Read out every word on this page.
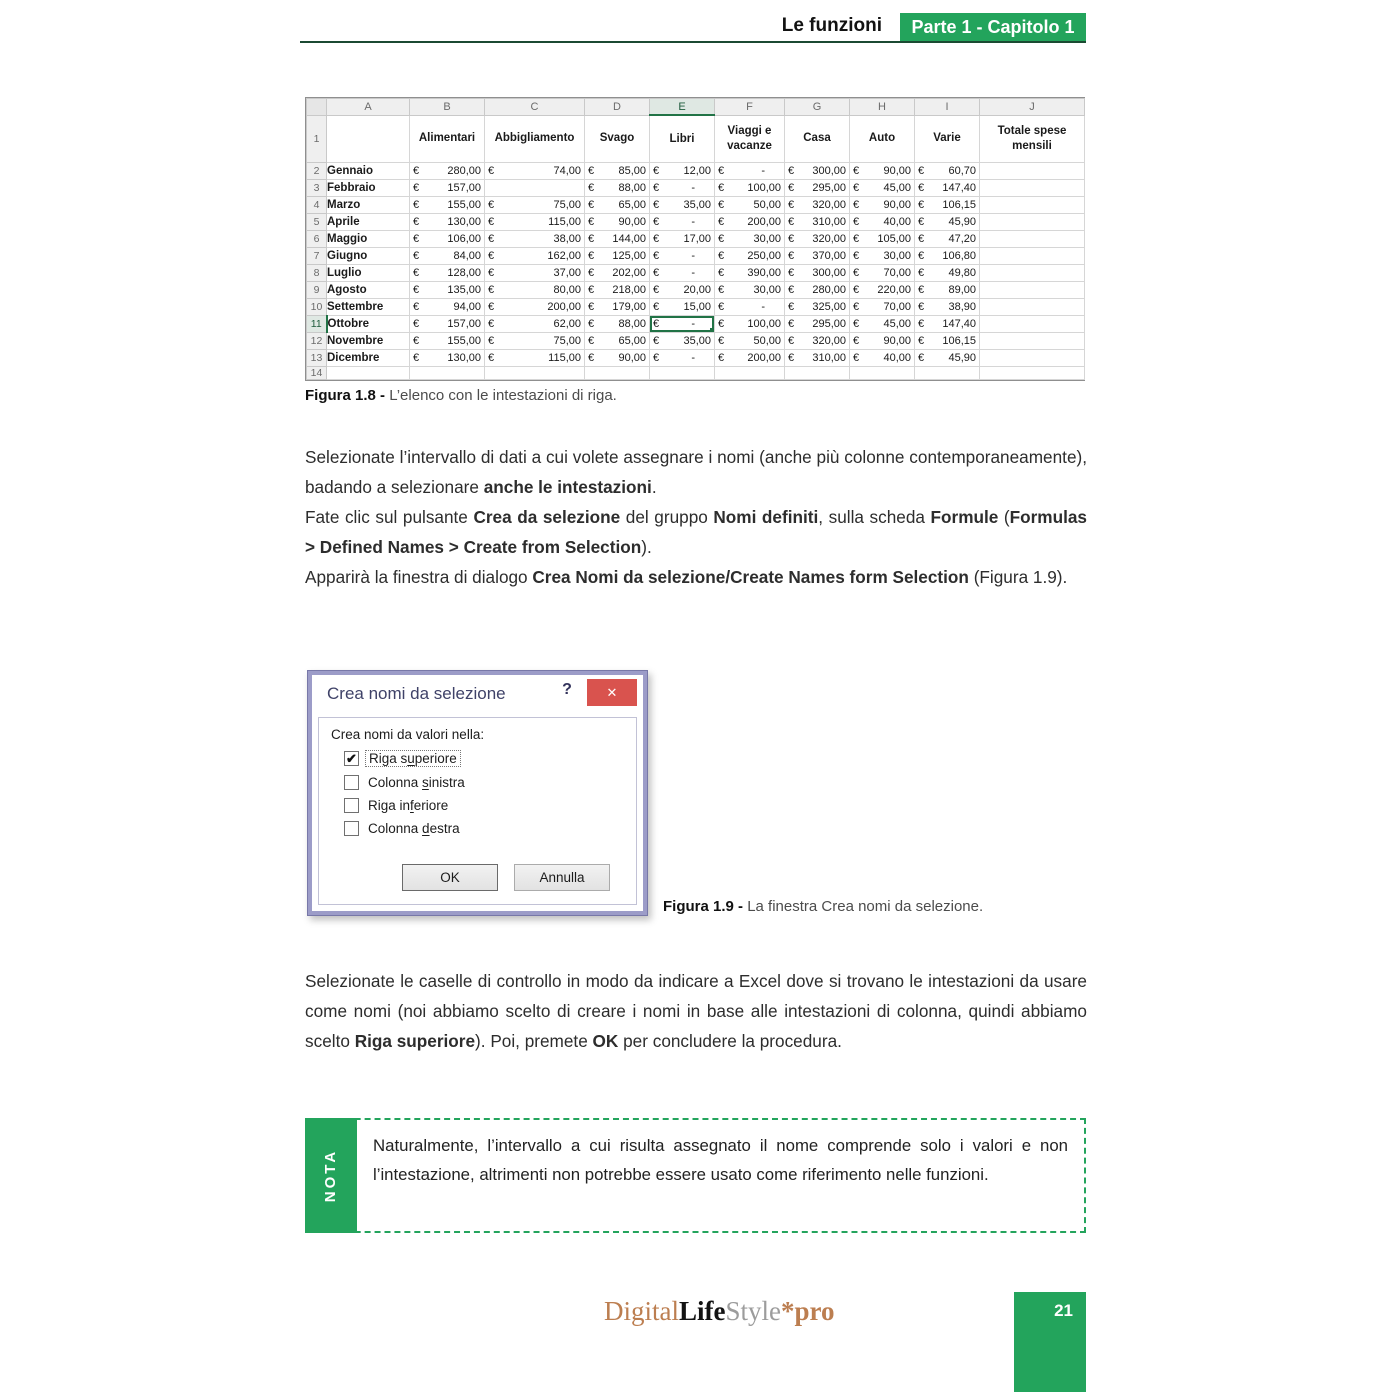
Le funzioni	Parte 1 - Capitolo 1
	A	B	C	D	E	F	G	H	I	J
1		Alimentari	Abbigliamento	Svago	Libri	Viaggi e vacanze	Casa	Auto	Varie	Totale spese mensili
2	Gennaio	€ 280,00	€ 74,00	€ 85,00	€ 12,00	€ -	€ 300,00	€ 90,00	€ 60,70	

3	Febbraio	€ 157,00		€ 88,00	€ -	€ 100,00	€ 295,00	€ 45,00	€ 147,40	

4	Marzo	€ 155,00	€ 75,00	€ 65,00	€ 35,00	€ 50,00	€ 320,00	€ 90,00	€ 106,15	

5	Aprile	€ 130,00	€ 115,00	€ 90,00	€ -	€ 200,00	€ 310,00	€ 40,00	€ 45,90	

6	Maggio	€ 106,00	€ 38,00	€ 144,00	€ 17,00	€ 30,00	€ 320,00	€ 105,00	€ 47,20	

7	Giugno	€ 84,00	€ 162,00	€ 125,00	€ -	€ 250,00	€ 370,00	€ 30,00	€ 106,80	

8	Luglio	€ 128,00	€ 37,00	€ 202,00	€ -	€ 390,00	€ 300,00	€ 70,00	€ 49,80	

9	Agosto	€ 135,00	€ 80,00	€ 218,00	€ 20,00	€ 30,00	€ 280,00	€ 220,00	€ 89,00	

10	Settembre	€ 94,00	€ 200,00	€ 179,00	€ 15,00	€ -	€ 325,00	€ 70,00	€ 38,90	

11	Ottobre	€ 157,00	€ 62,00	€ 88,00	€ -	€ 100,00	€ 295,00	€ 45,00	€ 147,40	

12	Novembre	€ 155,00	€ 75,00	€ 65,00	€ 35,00	€ 50,00	€ 320,00	€ 90,00	€ 106,15	

13	Dicembre	€ 130,00	€ 115,00	€ 90,00	€ -	€ 200,00	€ 310,00	€ 40,00	€ 45,90	

14										
Figura 1.8 - L’elenco con le intestazioni di riga.

Selezionate l’intervallo di dati a cui volete assegnare i nomi (anche più colonne contemporaneamente), badando a selezionare anche le intestazioni.

Fate clic sul pulsante Crea da selezione del gruppo Nomi definiti, sulla scheda Formule (Formulas > Defined Names > Create from Selection).

Apparirà la finestra di dialogo Crea Nomi da selezione/Create Names form Selection (Figura 1.9).

Crea nomi da selezione	?	✕
Crea nomi da valori nella:
✔ Riga superiore
Colonna sinistra
Riga inferiore
Colonna destra
OK	Annulla
Figura 1.9 - La finestra Crea nomi da selezione.

Selezionate le caselle di controllo in modo da indicare a Excel dove si trovano le intestazioni da usare come nomi (noi abbiamo scelto di creare i nomi in base alle intestazioni di colonna, quindi abbiamo scelto Riga superiore). Poi, premete OK per concludere la procedura.

NOTA
Naturalmente, l’intervallo a cui risulta assegnato il nome comprende solo i valori e non l’intestazione, altrimenti non potrebbe essere usato come riferimento nelle funzioni.
DigitalLifeStyle*pro	21
